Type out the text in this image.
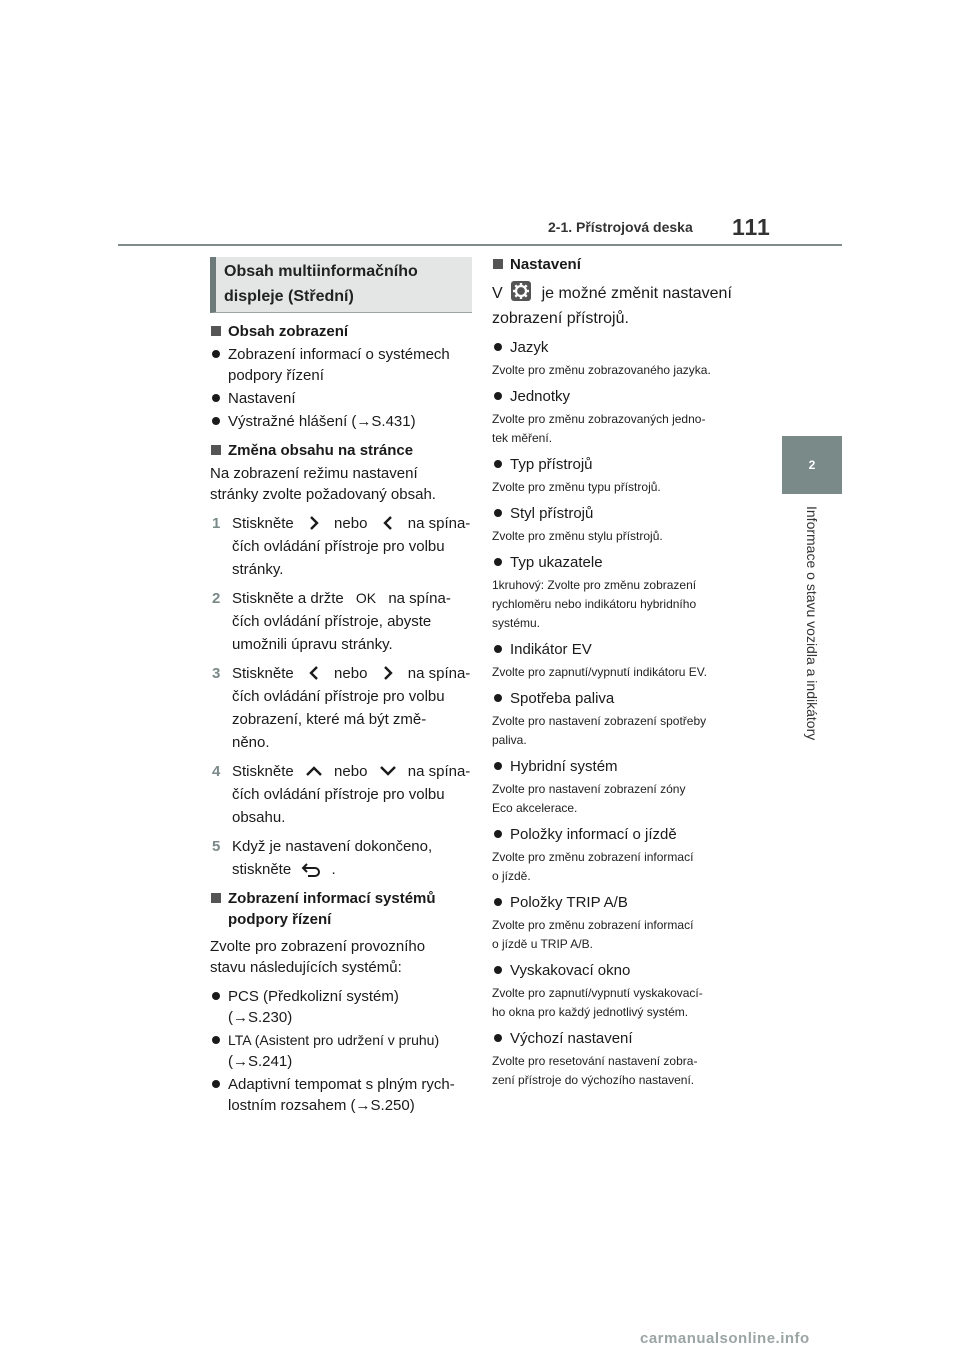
2-1. Přístrojová deska 111
2
Informace o stavu vozidla a indikátory
Obsah multiinformačního
displeje (Střední)
Obsah zobrazení
Zobrazení informací o systémech
podpory řízení
Nastavení
Výstražné hlášení (→S.431)
Změna obsahu na stránce
Na zobrazení režimu nastavení
stránky zvolte požadovaný obsah.
1 Stiskněte	nebo	na spína-
čích ovládání přístroje pro volbu
stránky.
2 Stiskněte a držte OK na spína-
čích ovládání přístroje, abyste
umožnili úpravu stránky.
3 Stiskněte	nebo	na spína-
čích ovládání přístroje pro volbu
zobrazení, které má být změ-
něno.
4 Stiskněte	nebo	na spína-
čích ovládání přístroje pro volbu
obsahu.
5 Když je nastavení dokončeno,
stiskněte	.
Zobrazení informací systémů
podpory řízení
Zvolte pro zobrazení provozního
stavu následujících systémů:
PCS (Předkolizní systém)
(→S.230)
LTA (Asistent pro udržení v pruhu)
(→S.241)
Adaptivní tempomat s plným rych-
lostním rozsahem (→S.250)
Nastavení
V je možné změnit nastavení
zobrazení přístrojů.
Jazyk
Zvolte pro změnu zobrazovaného jazyka.
Jednotky
Zvolte pro změnu zobrazovaných jedno-
tek měření.
Typ přístrojů
Zvolte pro změnu typu přístrojů.
Styl přístrojů
Zvolte pro změnu stylu přístrojů.
Typ ukazatele
1kruhový: Zvolte pro změnu zobrazení
rychloměru nebo indikátoru hybridního
systému.
Indikátor EV
Zvolte pro zapnutí/vypnutí indikátoru EV.
Spotřeba paliva
Zvolte pro nastavení zobrazení spotřeby
paliva.
Hybridní systém
Zvolte pro nastavení zobrazení zóny
Eco akcelerace.
Položky informací o jízdě
Zvolte pro změnu zobrazení informací
o jízdě.
Položky TRIP A/B
Zvolte pro změnu zobrazení informací
o jízdě u TRIP A/B.
Vyskakovací okno
Zvolte pro zapnutí/vypnutí vyskakovací-
ho okna pro každý jednotlivý systém.
Výchozí nastavení
Zvolte pro resetování nastavení zobra-
zení přístroje do výchozího nastavení.
carmanualsonline.info
